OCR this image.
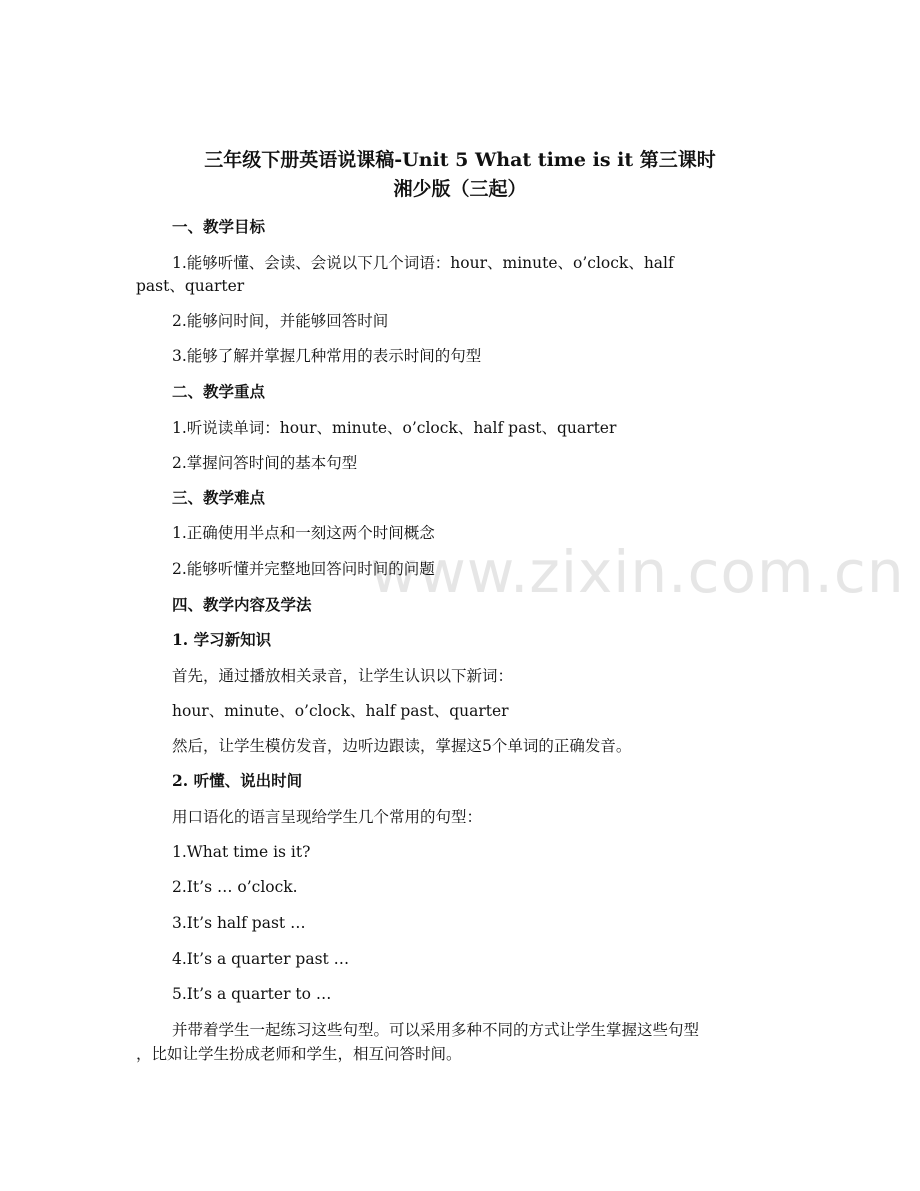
www.zixin.com.cn
三年级下册英语说课稿-Unit 5 What time is it 第三课时
湘少版（三起）
一、教学目标
1.能够听懂、会读、会说以下几个词语：hour、minute、o’clock、half
past、quarter
2.能够问时间，并能够回答时间
3.能够了解并掌握几种常用的表示时间的句型
二、教学重点
1.听说读单词：hour、minute、o’clock、half past、quarter
2.掌握问答时间的基本句型
三、教学难点
1.正确使用半点和一刻这两个时间概念
2.能够听懂并完整地回答问时间的问题
四、教学内容及学法
1. 学习新知识
首先，通过播放相关录音，让学生认识以下新词：
hour、minute、o’clock、half past、quarter
然后，让学生模仿发音，边听边跟读，掌握这5个单词的正确发音。
2. 听懂、说出时间
用口语化的语言呈现给学生几个常用的句型：
1.What time is it?
2.It’s … o’clock.
3.It’s half past …
4.It’s a quarter past …
5.It’s a quarter to …
并带着学生一起练习这些句型。可以采用多种不同的方式让学生掌握这些句型
，比如让学生扮成老师和学生，相互问答时间。
